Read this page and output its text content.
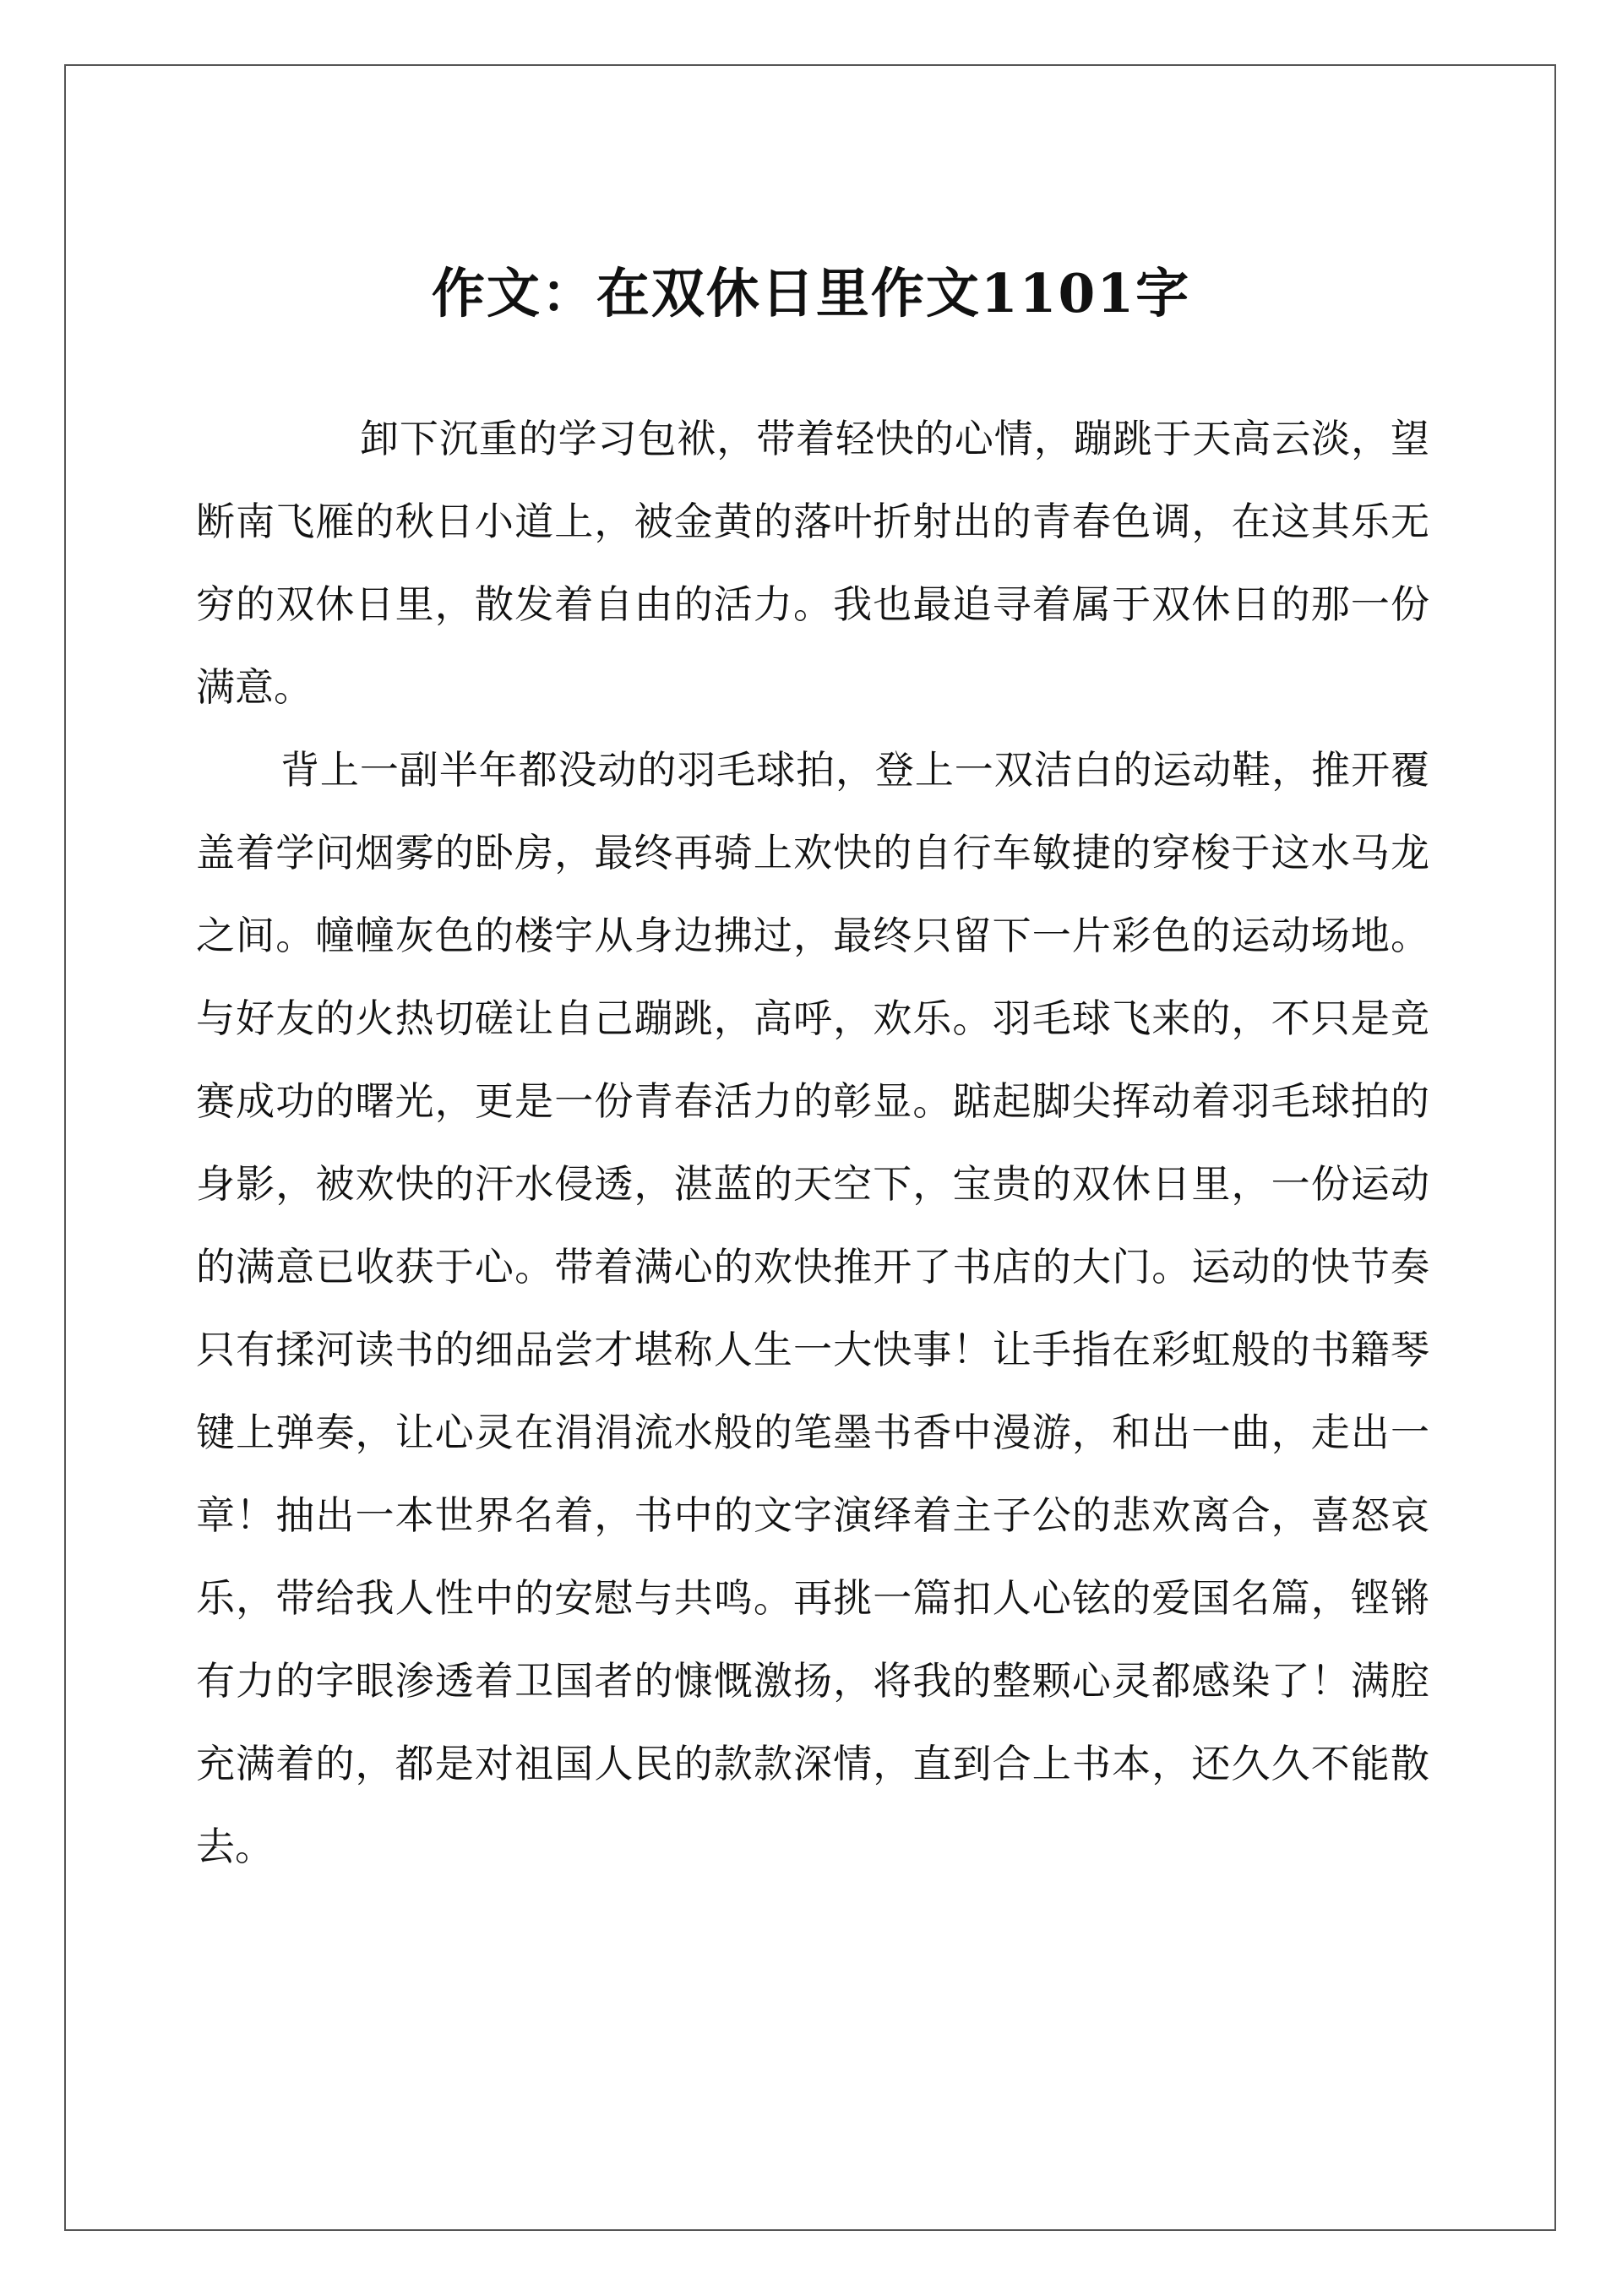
作文：在双休日里作文1101字

卸下沉重的学习包袱，带着轻快的心情，蹦跳于天高云淡，望断南飞雁的秋日小道上，被金黄的落叶折射出的青春色调，在这其乐无穷的双休日里，散发着自由的活力。我也最追寻着属于双休日的那一份满意。

背上一副半年都没动的羽毛球拍，登上一双洁白的运动鞋，推开覆盖着学问烟雾的卧房，最终再骑上欢快的自行车敏捷的穿梭于这水马龙之间。幢幢灰色的楼宇从身边拂过，最终只留下一片彩色的运动场地。与好友的火热切磋让自己蹦跳，高呼，欢乐。羽毛球飞来的，不只是竞赛成功的曙光，更是一份青春活力的彰显。踮起脚尖挥动着羽毛球拍的身影，被欢快的汗水侵透，湛蓝的天空下，宝贵的双休日里，一份运动的满意已收获于心。带着满心的欢快推开了书店的大门。运动的快节奏只有揉河读书的细品尝才堪称人生一大快事！让手指在彩虹般的书籍琴键上弹奏，让心灵在涓涓流水般的笔墨书香中漫游，和出一曲，走出一章！抽出一本世界名着，书中的文字演绎着主子公的悲欢离合，喜怒哀乐，带给我人性中的安慰与共鸣。再挑一篇扣人心铉的爱国名篇，铿锵有力的字眼渗透着卫国者的慷慨激扬，将我的整颗心灵都感染了！满腔充满着的，都是对祖国人民的款款深情，直到合上书本，还久久不能散去。
